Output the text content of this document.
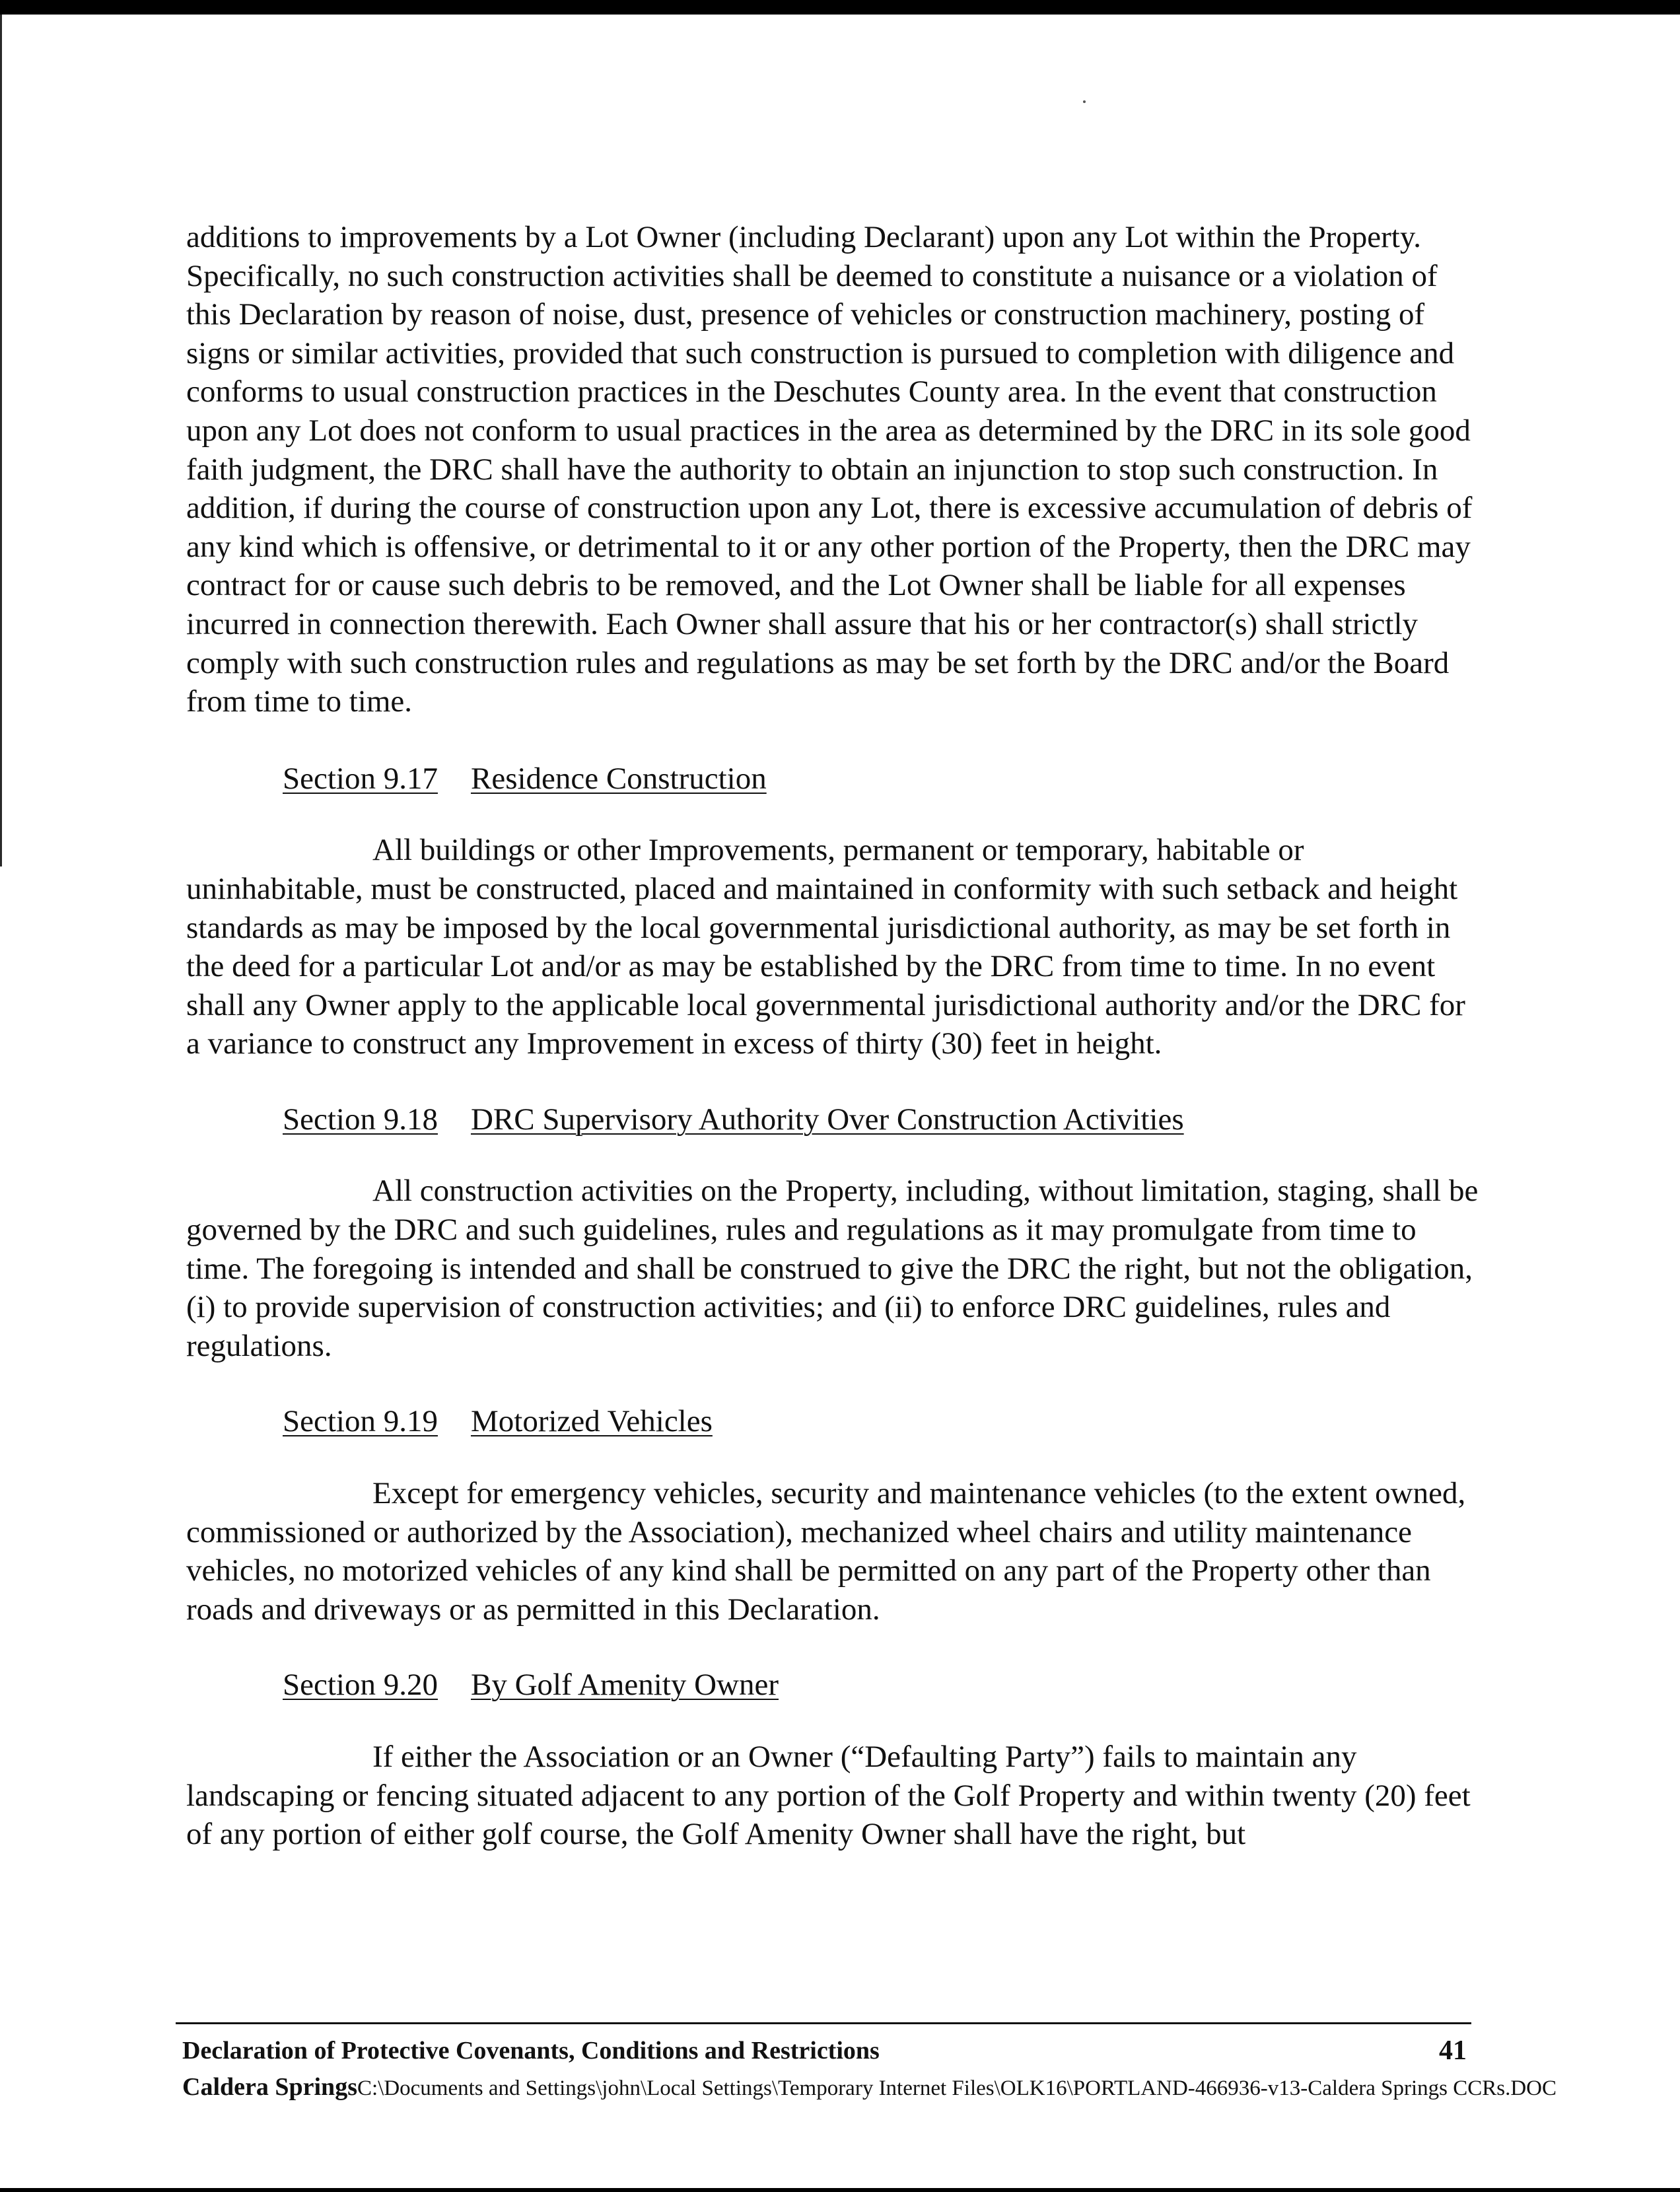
additions to improvements by a Lot Owner (including Declarant) upon any Lot within the Property. Specifically, no such construction activities shall be deemed to constitute a nuisance or a violation of this Declaration by reason of noise, dust, presence of vehicles or construction machinery, posting of signs or similar activities, provided that such construction is pursued to completion with diligence and conforms to usual construction practices in the Deschutes County area. In the event that construction upon any Lot does not conform to usual practices in the area as determined by the DRC in its sole good faith judgment, the DRC shall have the authority to obtain an injunction to stop such construction. In addition, if during the course of construction upon any Lot, there is excessive accumulation of debris of any kind which is offensive, or detrimental to it or any other portion of the Property, then the DRC may contract for or cause such debris to be removed, and the Lot Owner shall be liable for all expenses incurred in connection therewith. Each Owner shall assure that his or her contractor(s) shall strictly comply with such construction rules and regulations as may be set forth by the DRC and/or the Board from time to time.

Section 9.17 Residence Construction

All buildings or other Improvements, permanent or temporary, habitable or uninhabitable, must be constructed, placed and maintained in conformity with such setback and height standards as may be imposed by the local governmental jurisdictional authority, as may be set forth in the deed for a particular Lot and/or as may be established by the DRC from time to time. In no event shall any Owner apply to the applicable local governmental jurisdictional authority and/or the DRC for a variance to construct any Improvement in excess of thirty (30) feet in height.

Section 9.18 DRC Supervisory Authority Over Construction Activities

All construction activities on the Property, including, without limitation, staging, shall be governed by the DRC and such guidelines, rules and regulations as it may promulgate from time to time. The foregoing is intended and shall be construed to give the DRC the right, but not the obligation, (i) to provide supervision of construction activities; and (ii) to enforce DRC guidelines, rules and regulations.

Section 9.19 Motorized Vehicles

Except for emergency vehicles, security and maintenance vehicles (to the extent owned, commissioned or authorized by the Association), mechanized wheel chairs and utility maintenance vehicles, no motorized vehicles of any kind shall be permitted on any part of the Property other than roads and driveways or as permitted in this Declaration.

Section 9.20 By Golf Amenity Owner

If either the Association or an Owner (“Defaulting Party”) fails to maintain any landscaping or fencing situated adjacent to any portion of the Golf Property and within twenty (20) feet of any portion of either golf course, the Golf Amenity Owner shall have the right, but

Declaration of Protective Covenants, Conditions and Restrictions	41
Caldera SpringsC:\Documents and Settings\john\Local Settings\Temporary Internet Files\OLK16\PORTLAND-466936-v13-Caldera Springs CCRs.DOC
